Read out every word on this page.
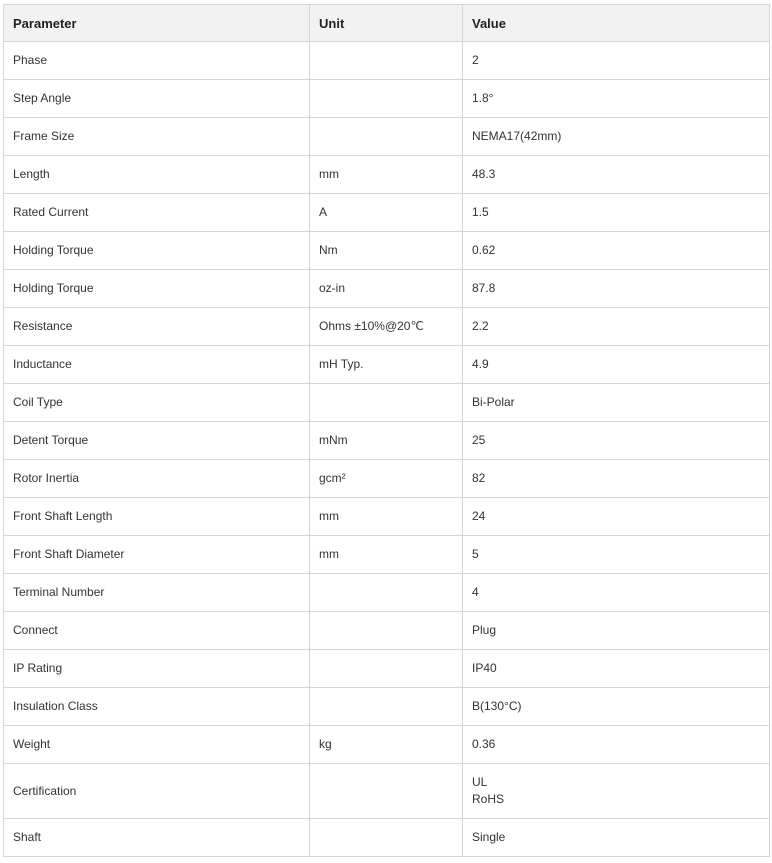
Parameter	Unit	Value
Phase		2

Step Angle		1.8°

Frame Size		NEMA17(42mm)

Length	mm	48.3

Rated Current	A	1.5

Holding Torque	Nm	0.62

Holding Torque	oz-in	87.8

Resistance	Ohms ±10%@20℃	2.2

Inductance	mH Typ.	4.9

Coil Type		Bi-Polar

Detent Torque	mNm	25

Rotor Inertia	gcm²	82

Front Shaft Length	mm	24

Front Shaft Diameter	mm	5

Terminal Number		4

Connect		Plug

IP Rating		IP40

Insulation Class		B(130°C)

Weight	kg	0.36

Certification		UL
RoHS

Shaft		Single
